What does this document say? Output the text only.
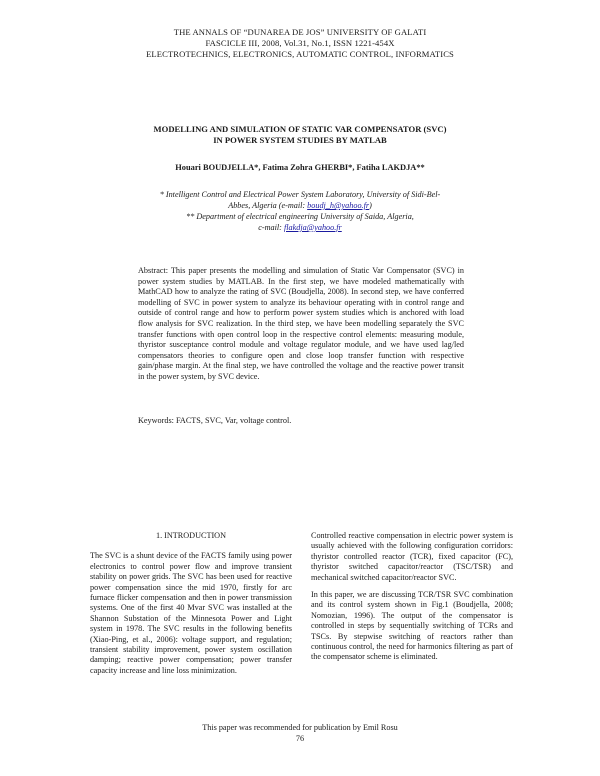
THE ANNALS OF “DUNAREA DE JOS” UNIVERSITY OF GALATI
FASCICLE III, 2008, Vol.31, No.1, ISSN 1221-454X
ELECTROTECHNICS, ELECTRONICS, AUTOMATIC CONTROL, INFORMATICS
MODELLING AND SIMULATION OF STATIC VAR COMPENSATOR (SVC)
IN POWER SYSTEM STUDIES BY MATLAB
Houari BOUDJELLA*, Fatima Zohra GHERBI*, Fatiha LAKDJA**
* Intelligent Control and Electrical Power System Laboratory, University of Sidi-Bel-
Abbes, Algeria (e-mail: boudj_h@yahoo.fr)
** Department of electrical engineering University of Saida, Algeria,
c-mail: flakdja@yahoo.fr
Abstract: This paper presents the modelling and simulation of Static Var Compensator (SVC) in power system studies by MATLAB. In the first step, we have modeled mathematically with MathCAD how to analyze the rating of SVC (Boudjella, 2008). In second step, we have conferred modelling of SVC in power system to analyze its behaviour operating with in control range and outside of control range and how to perform power system studies which is anchored with load flow analysis for SVC realization. In the third step, we have been modelling separately the SVC transfer functions with open control loop in the respective control elements: measuring module, thyristor susceptance control module and voltage regulator module, and we have used lag/led compensators theories to configure open and close loop transfer function with respective gain/phase margin. At the final step, we have controlled the voltage and the reactive power transit in the power system, by SVC device.
Keywords: FACTS, SVC, Var, voltage control.
1. INTRODUCTION

The SVC is a shunt device of the FACTS family using power electronics to control power flow and improve transient stability on power grids. The SVC has been used for reactive power compensation since the mid 1970, firstly for arc furnace flicker compensation and then in power transmission systems. One of the first 40 Mvar SVC was installed at the Shannon Substation of the Minnesota Power and Light system in 1978. The SVC results in the following benefits (Xiao-Ping, et al., 2006): voltage support, and regulation; transient stability improvement, power system oscillation damping; reactive power compensation; power transfer capacity increase and line loss minimization.

Controlled reactive compensation in electric power system is usually achieved with the following configuration corridors: thyristor controlled reactor (TCR), fixed capacitor (FC), thyristor switched capacitor/reactor (TSC/TSR) and mechanical switched capacitor/reactor SVC.

In this paper, we are discussing TCR/TSR SVC combination and its control system shown in Fig.1 (Boudjella, 2008; Nomozian, 1996). The output of the compensator is controlled in steps by sequentially switching of TCRs and TSCs. By stepwise switching of reactors rather than continuous control, the need for harmonics filtering as part of the compensator scheme is eliminated.

This paper was recommended for publication by Emil Rosu
76
